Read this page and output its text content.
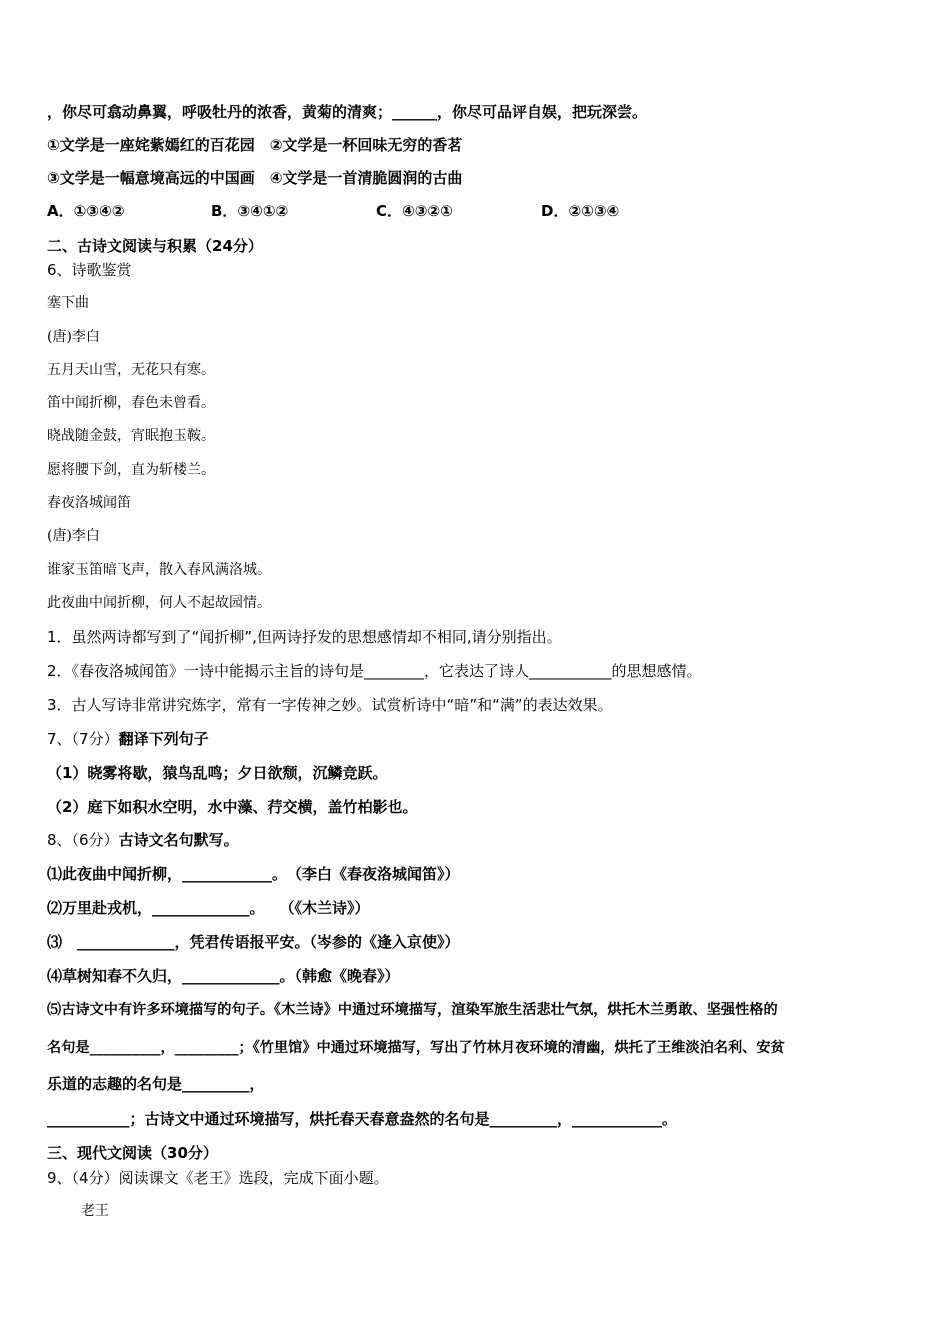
，你尽可翕动鼻翼，呼吸牡丹的浓香，黄菊的清爽；______，你尽可品评自娱，把玩深尝。
①文学是一座姹紫嫣红的百花园　②文学是一杯回味无穷的香茗
③文学是一幅意境高远的中国画　④文学是一首清脆圆润的古曲
A．①③④②	B．③④①②	C．④③②①	D．②①③④
二、古诗文阅读与积累（24分）
6、诗歌鉴赏
塞下曲
(唐)李白
五月天山雪，无花只有寒。
笛中闻折柳，春色未曾看。
晓战随金鼓，宵眠抱玉鞍。
愿将腰下剑，直为斩楼兰。
春夜洛城闻笛
(唐)李白
谁家玉笛暗飞声，散入春风满洛城。
此夜曲中闻折柳，何人不起故园情。
1．虽然两诗都写到了“闻折柳”,但两诗抒发的思想感情却不相同,请分别指出。
2．《春夜洛城闻笛》一诗中能揭示主旨的诗句是________，它表达了诗人___________的思想感情。
3．古人写诗非常讲究炼字，常有一字传神之妙。试赏析诗中“暗”和“满”的表达效果。
7、（7分）翻译下列句子
（1）晓雾将歇，猿鸟乱鸣；夕日欲颓，沉鳞竞跃。
（2）庭下如积水空明，水中藻、荇交横，盖竹柏影也。
8、（6分）古诗文名句默写。
⑴此夜曲中闻折柳，____________。　（李白《春夜洛城闻笛》）
⑵万里赴戎机，_____________。　　（《木兰诗》）
⑶　_____________，凭君传语报平安。（岑参的《逢入京使》）
⑷草树知春不久归，_____________。（韩愈《晚春》）
⑸古诗文中有许多环境描写的句子。《木兰诗》中通过环境描写，渲染军旅生活悲壮气氛，烘托木兰勇敢、坚强性格的
名句是__________，_________；《竹里馆》中通过环境描写，写出了竹林月夜环境的清幽，烘托了王维淡泊名利、安贫
乐道的志趣的名句是_________，
___________；古诗文中通过环境描写，烘托春天春意盎然的名句是_________，____________。
三、现代文阅读（30分）
9、（4分）阅读课文《老王》选段，完成下面小题。
老王
